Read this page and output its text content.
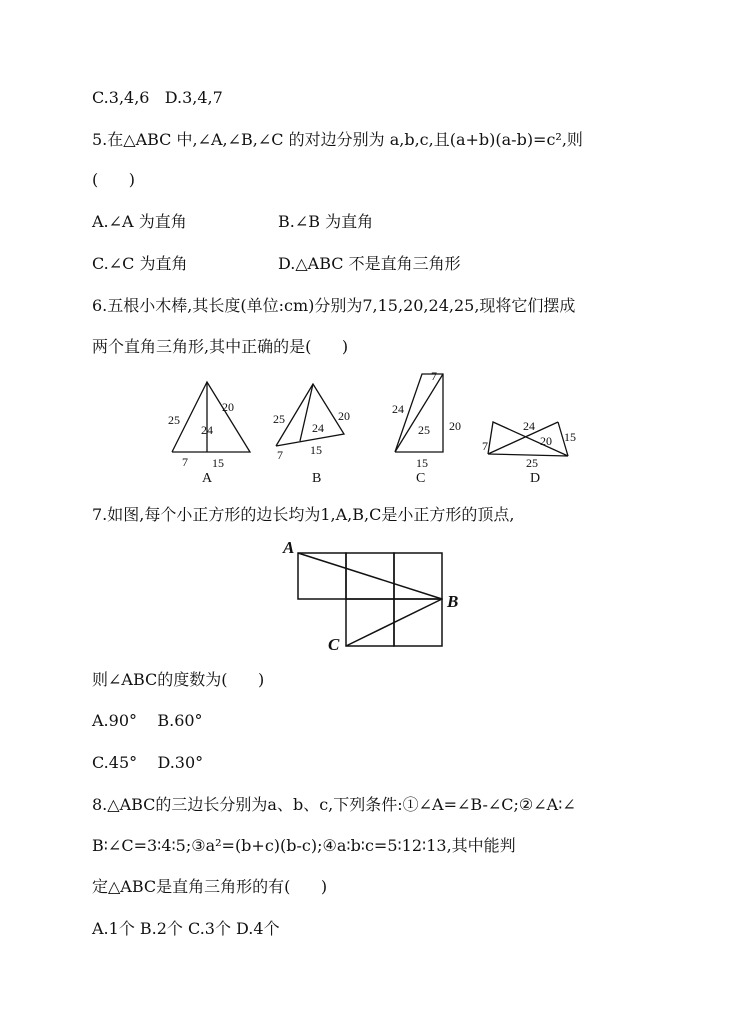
C.3,4,6   D.3,4,7
5.在△ABC 中,∠A,∠B,∠C 的对边分别为 a,b,c,且(a+b)(a-b)=c²,则
(      )
A.∠A 为直角	B.∠B 为直角
C.∠C 为直角	D.△ABC 不是直角三角形
6.五根小木棒,其长度(单位:cm)分别为7,15,20,24,25,现将它们摆成
两个直角三角形,其中正确的是(      )
25
20
24
7 15
A
25	20
24
7 15
B
7
24
25 20
15
C
24
20 15
7
25
D
7.如图,每个小正方形的边长均为1,A,B,C是小正方形的顶点,
A
B
C
则∠ABC的度数为(      )
A.90°    B.60°
C.45°    D.30°
8.△ABC的三边长分别为a、b、c,下列条件:①∠A=∠B-∠C;②∠A∶∠
B∶∠C=3∶4∶5;③a²=(b+c)(b-c);④a∶b∶c=5∶12∶13,其中能判
定△ABC是直角三角形的有(      )
A.1个 B.2个 C.3个 D.4个
